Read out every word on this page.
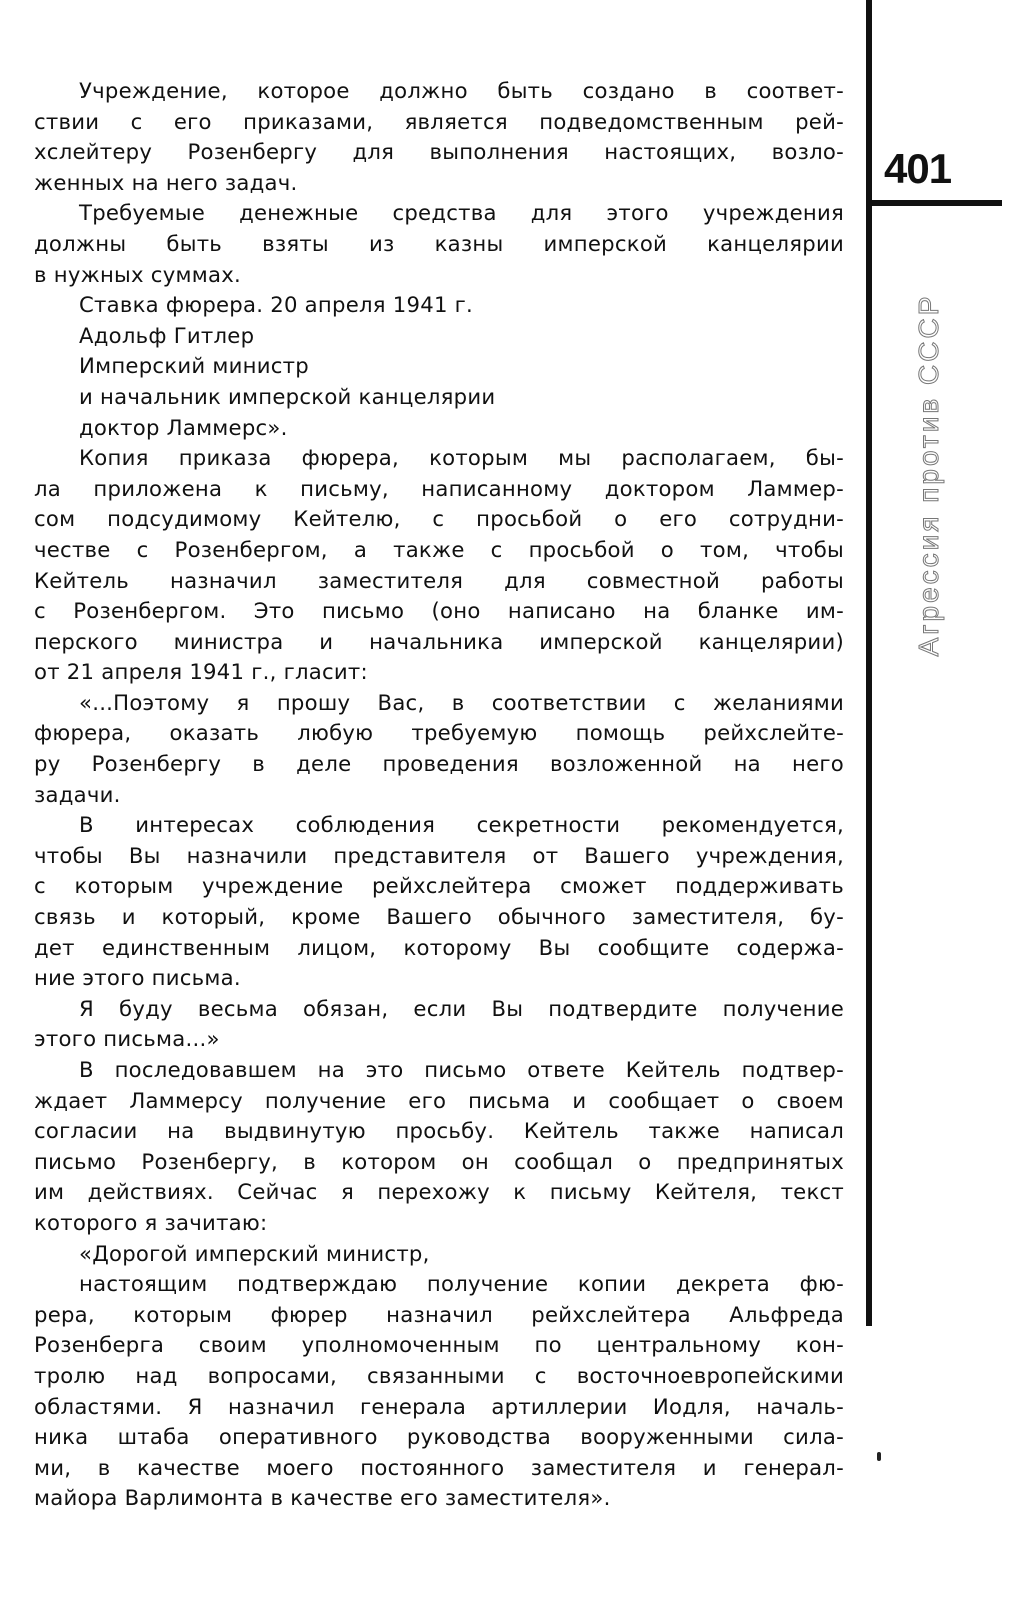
401
Агрессия против СССР
Учреждение, которое должно быть создано в соответ-
ствии с его приказами, является подведомственным рей-
хслейтеру Розенбергу для выполнения настоящих, возло-
женных на него задач.
Требуемые денежные средства для этого учреждения
должны быть взяты из казны имперской канцелярии
в нужных суммах.
Ставка фюрера. 20 апреля 1941 г.
Адольф Гитлер
Имперский министр
и начальник имперской канцелярии
доктор Ламмерс».
Копия приказа фюрера, которым мы располагаем, бы-
ла приложена к письму, написанному доктором Ламмер-
сом подсудимому Кейтелю, с просьбой о его сотрудни-
честве с Розенбергом, а также с просьбой о том, чтобы
Кейтель назначил заместителя для совместной работы
с Розенбергом. Это письмо (оно написано на бланке им-
перского министра и начальника имперской канцелярии)
от 21 апреля 1941 г., гласит:
«...Поэтому я прошу Вас, в соответствии с желаниями
фюрера, оказать любую требуемую помощь рейхслейте-
ру Розенбергу в деле проведения возложенной на него
задачи.
В интересах соблюдения секретности рекомендуется,
чтобы Вы назначили представителя от Вашего учреждения,
с которым учреждение рейхслейтера сможет поддерживать
связь и который, кроме Вашего обычного заместителя, бу-
дет единственным лицом, которому Вы сообщите содержа-
ние этого письма.
Я буду весьма обязан, если Вы подтвердите получение
этого письма...»
В последовавшем на это письмо ответе Кейтель подтвер-
ждает Ламмерсу получение его письма и сообщает о своем
согласии на выдвинутую просьбу. Кейтель также написал
письмо Розенбергу, в котором он сообщал о предпринятых
им действиях. Сейчас я перехожу к письму Кейтеля, текст
которого я зачитаю:
«Дорогой имперский министр,
настоящим подтверждаю получение копии декрета фю-
рера, которым фюрер назначил рейхслейтера Альфреда
Розенберга своим уполномоченным по центральному кон-
тролю над вопросами, связанными с восточноевропейскими
областями. Я назначил генерала артиллерии Иодля, началь-
ника штаба оперативного руководства вооруженными сила-
ми, в качестве моего постоянного заместителя и генерал-
майора Варлимонта в качестве его заместителя».
